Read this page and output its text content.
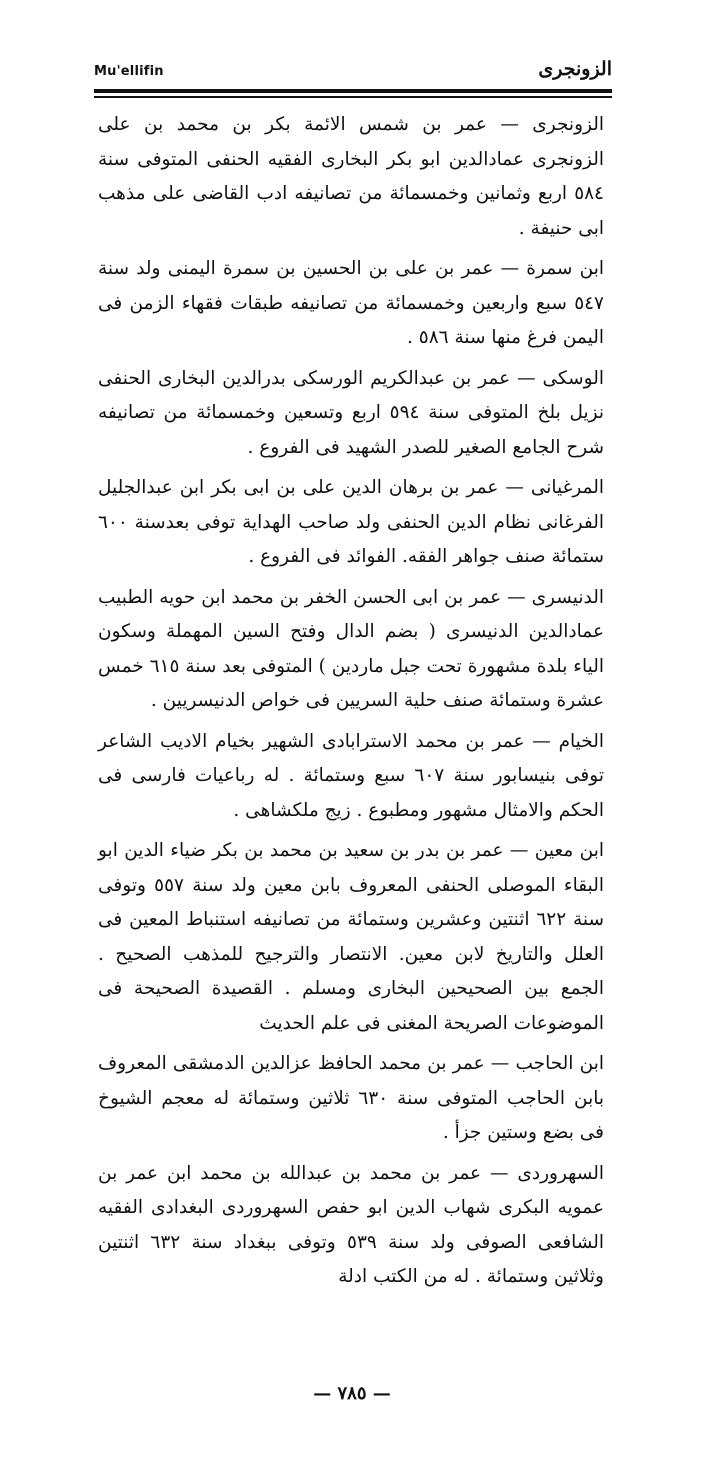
Mu'ellifin	الزونجرى

الزونجرى — عمر بن شمس الائمة بكر بن محمد بن على الزونجرى عمادالدين ابو بكر البخارى الفقيه الحنفى المتوفى سنة ٥٨٤ اربع وثمانين وخمسمائة من تصانيفه ادب القاضى على مذهب ابى حنيفة .

ابن سمرة — عمر بن على بن الحسين بن سمرة اليمنى ولد سنة ٥٤٧ سبع واربعين وخمسمائة من تصانيفه طبقات فقهاء الزمن فى اليمن فرغ منها سنة ٥٨٦ .

الوسكى — عمر بن عبدالكريم الورسكى بدرالدين البخارى الحنفى نزيل بلخ المتوفى سنة ٥٩٤ اربع وتسعين وخمسمائة من تصانيفه شرح الجامع الصغير للصدر الشهيد فى الفروع .

المرغيانى — عمر بن برهان الدين على بن ابى بكر ابن عبدالجليل الفرغانى نظام الدين الحنفى ولد صاحب الهداية توفى بعدسنة ٦٠٠ ستمائة صنف جواهر الفقه. الفوائد فى الفروع .

الدنيسرى — عمر بن ابى الحسن الخفر بن محمد ابن حويه الطبيب عمادالدين الدنيسرى ( بضم الدال وفتح السين المهملة وسكون الياء بلدة مشهورة تحت جبل ماردين ) المتوفى بعد سنة ٦١٥ خمس عشرة وستمائة صنف حلية السريين فى خواص الدنيسريين .

الخيام — عمر بن محمد الاسترابادى الشهير بخيام الاديب الشاعر توفى بنيسابور سنة ٦٠٧ سبع وستمائة . له رباعيات فارسى فى الحكم والامثال مشهور ومطبوع . زيج ملكشاهى .

ابن معين — عمر بن بدر بن سعيد بن محمد بن بكر ضياء الدين ابو البقاء الموصلى الحنفى المعروف بابن معين ولد سنة ٥٥٧ وتوفى سنة ٦٢٢ اثنتين وعشرين وستمائة من تصانيفه استنباط المعين فى العلل والتاريخ لابن معين. الانتصار والترجيح للمذهب الصحيح . الجمع بين الصحيحين البخارى ومسلم . القصيدة الصحيحة فى الموضوعات الصريحة المغنى فى علم الحديث

ابن الحاجب — عمر بن محمد الحافظ عزالدين الدمشقى المعروف بابن الحاجب المتوفى سنة ٦٣٠ ثلاثين وستمائة له معجم الشيوخ فى بضع وستين جزأ .

السهروردى — عمر بن محمد بن عبدالله بن محمد ابن عمر بن عمويه البكرى شهاب الدين ابو حفص السهروردى البغدادى الفقيه الشافعى الصوفى ولد سنة ٥٣٩ وتوفى ببغداد سنة ٦٣٢ اثنتين وثلاثين وستمائة . له من الكتب ادلة

— ٧٨٥ —
